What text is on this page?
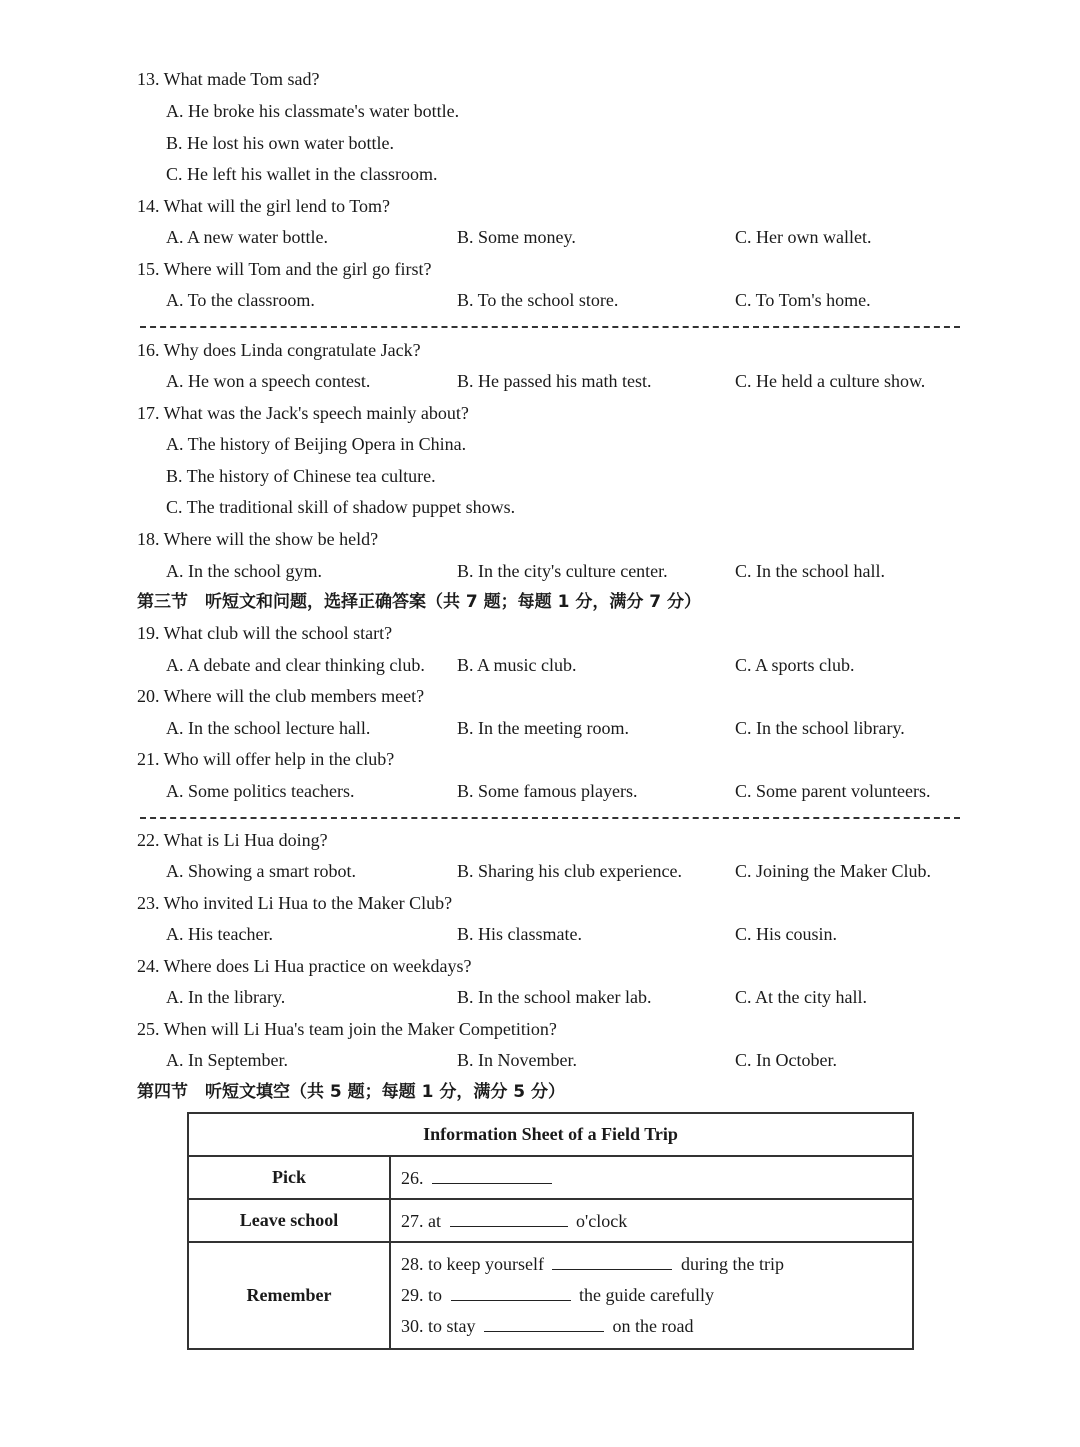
13. What made Tom sad?
A. He broke his classmate's water bottle.
B. He lost his own water bottle.
C. He left his wallet in the classroom.
14. What will the girl lend to Tom?
A. A new water bottle.	B. Some money.	C. Her own wallet.
15. Where will Tom and the girl go first?
A. To the classroom.	B. To the school store.	C. To Tom's home.
16. Why does Linda congratulate Jack?
A. He won a speech contest.	B. He passed his math test.	C. He held a culture show.
17. What was the Jack's speech mainly about?
A. The history of Beijing Opera in China.
B. The history of Chinese tea culture.
C. The traditional skill of shadow puppet shows.
18. Where will the show be held?
A. In the school gym.	B. In the city's culture center.	C. In the school hall.
第三节　听短文和问题，选择正确答案（共 7 题；每题 1 分，满分 7 分）
19. What club will the school start?
A. A debate and clear thinking club. B. A music club.	C. A sports club.
20. Where will the club members meet?
A. In the school lecture hall.	B. In the meeting room.	C. In the school library.
21. Who will offer help in the club?
A. Some politics teachers.	B. Some famous players.	C. Some parent volunteers.
22. What is Li Hua doing?
A. Showing a smart robot.	B. Sharing his club experience.	C. Joining the Maker Club.
23. Who invited Li Hua to the Maker Club?
A. His teacher.	B. His classmate.	C. His cousin.
24. Where does Li Hua practice on weekdays?
A. In the library.	B. In the school maker lab.	C. At the city hall.
25. When will Li Hua's team join the Maker Competition?
A. In September.	B. In November.	C. In October.
第四节　听短文填空（共 5 题；每题 1 分，满分 5 分）
Information Sheet of a Field Trip	
Pick	26.
Leave school	27. at o'clock
Remember	28. to keep yourself during the trip
29. to the guide carefully
30. to stay on the road
